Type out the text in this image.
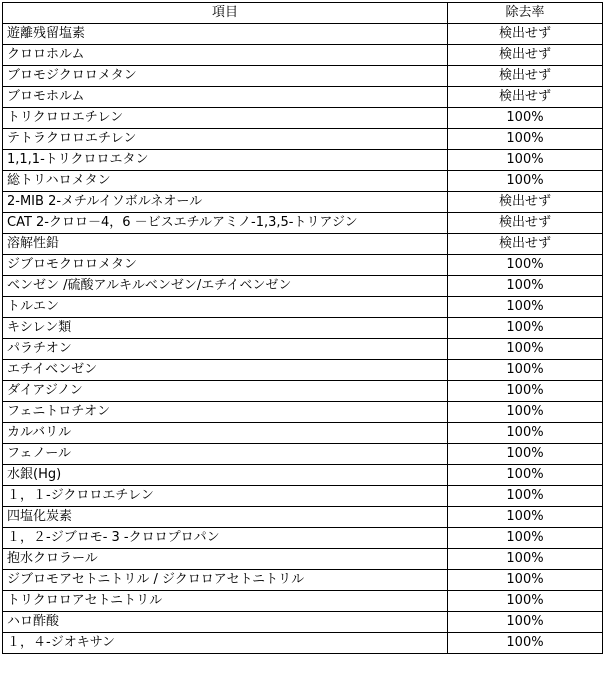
項目	除去率
遊離残留塩素	検出せず
クロロホルム	検出せず
ブロモジクロロメタン	検出せず
ブロモホルム	検出せず
トリクロロエチレン	100%
テトラクロロエチレン	100%
1,1,1-トリクロロエタン	100%
総トリハロメタン	100%
2-MIB 2-メチルイソボルネオール	検出せず
CAT 2-クロロ－4，6 －ビスエチルアミノ-1,3,5-トリアジン	検出せず
溶解性鉛	検出せず
ジブロモクロロメタン	100%
ベンゼン /硫酸アルキルベンゼン/エチイベンゼン	100%
トルエン	100%
キシレン類	100%
パラチオン	100%
エチイベンゼン	100%
ダイアジノン	100%
フェニトロチオン	100%
カルバリル	100%
フェノール	100%
水銀(Hg)	100%
１，１-ジクロロエチレン	100%
四塩化炭素	100%
１，２-ジブロモ- 3 -クロロプロパン	100%
抱水クロラール	100%
ジブロモアセトニトリル / ジクロロアセトニトリル	100%
トリクロロアセトニトリル	100%
ハロ酢酸	100%
１，４-ジオキサン	100%
